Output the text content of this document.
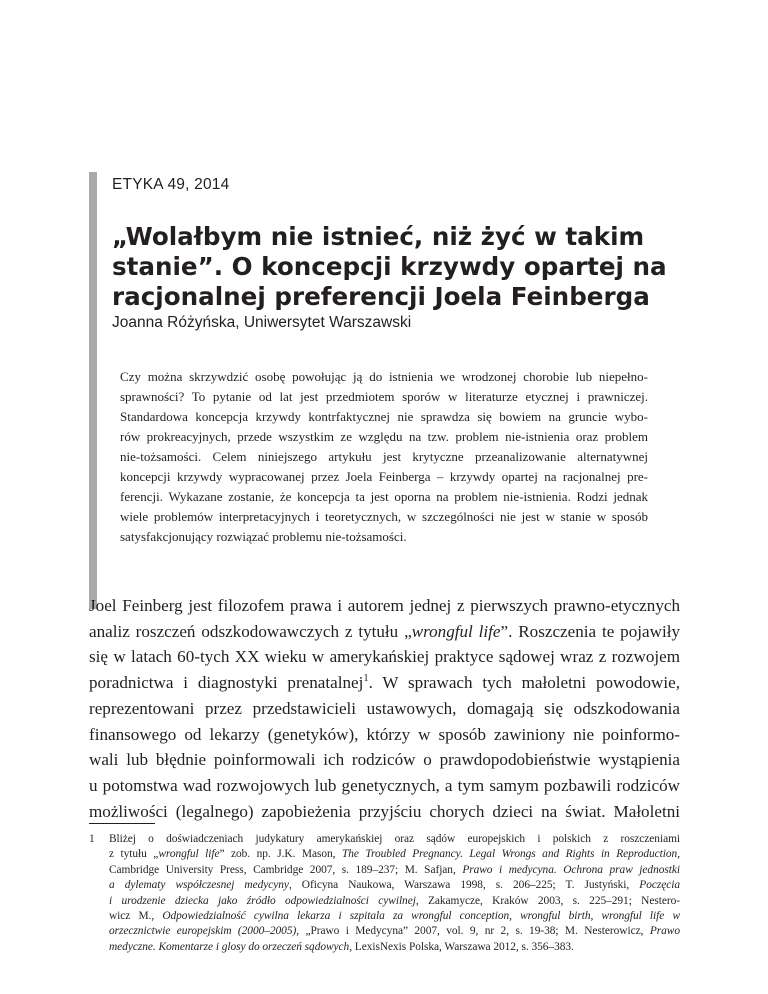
ETYKA 49, 2014
„Wolałbym nie istnieć, niż żyć w takim
stanie”. O koncepcji krzywdy opartej na
racjonalnej preferencji Joela Feinberga
Joanna Różyńska, Uniwersytet Warszawski
Czy można skrzywdzić osobę powołując ją do istnienia we wrodzonej chorobie lub niepełno-
sprawności? To pytanie od lat jest przedmiotem sporów w literaturze etycznej i prawniczej.
Standardowa koncepcja krzywdy kontrfaktycznej nie sprawdza się bowiem na gruncie wybo-
rów prokreacyjnych, przede wszystkim ze względu na tzw. problem nie-istnienia oraz problem
nie-tożsamości. Celem niniejszego artykułu jest krytyczne przeanalizowanie alternatywnej
koncepcji krzywdy wypracowanej przez Joela Feinberga – krzywdy opartej na racjonalnej pre-
ferencji. Wykazane zostanie, że koncepcja ta jest oporna na problem nie-istnienia. Rodzi jednak
wiele problemów interpretacyjnych i teoretycznych, w szczególności nie jest w stanie w sposób
satysfakcjonujący rozwiązać problemu nie-tożsamości.
Joel Feinberg jest filozofem prawa i autorem jednej z pierwszych prawno-etycznych
analiz roszczeń odszkodowawczych z tytułu „wrongful life”. Roszczenia te pojawiły
się w latach 60-tych XX wieku w amerykańskiej praktyce sądowej wraz z rozwojem
poradnictwa i diagnostyki prenatalnej$^1$. W sprawach tych małoletni powodowie,
reprezentowani przez przedstawicieli ustawowych, domagają się odszkodowania
finansowego od lekarzy (genetyków), którzy w sposób zawiniony nie poinformo-
wali lub błędnie poinformowali ich rodziców o prawdopodobieństwie wystąpienia
u potomstwa wad rozwojowych lub genetycznych, a tym samym pozbawili rodziców
możliwości (legalnego) zapobieżenia przyjściu chorych dzieci na świat. Małoletni
1 Bliżej o doświadczeniach judykatury amerykańskiej oraz sądów europejskich i polskich z roszczeniami
z tytułu „wrongful life” zob. np. J.K. Mason, The Troubled Pregnancy. Legal Wrongs and Rights in Reproduction,
Cambridge University Press, Cambridge 2007, s. 189–237; M. Safjan, Prawo i medycyna. Ochrona praw jednostki
a dylematy współczesnej medycyny, Oficyna Naukowa, Warszawa 1998, s. 206–225; T. Justyński, Poczęcia
i urodzenie dziecka jako źródło odpowiedzialności cywilnej, Zakamycze, Kraków 2003, s. 225–291; Nestero-
wicz M., Odpowiedzialność cywilna lekarza i szpitala za wrongful conception, wrongful birth, wrongful life w
orzecznictwie europejskim (2000–2005), „Prawo i Medycyna” 2007, vol. 9, nr 2, s. 19-38; M. Nesterowicz, Prawo
medyczne. Komentarze i glosy do orzeczeń sądowych, LexisNexis Polska, Warszawa 2012, s. 356–383.
